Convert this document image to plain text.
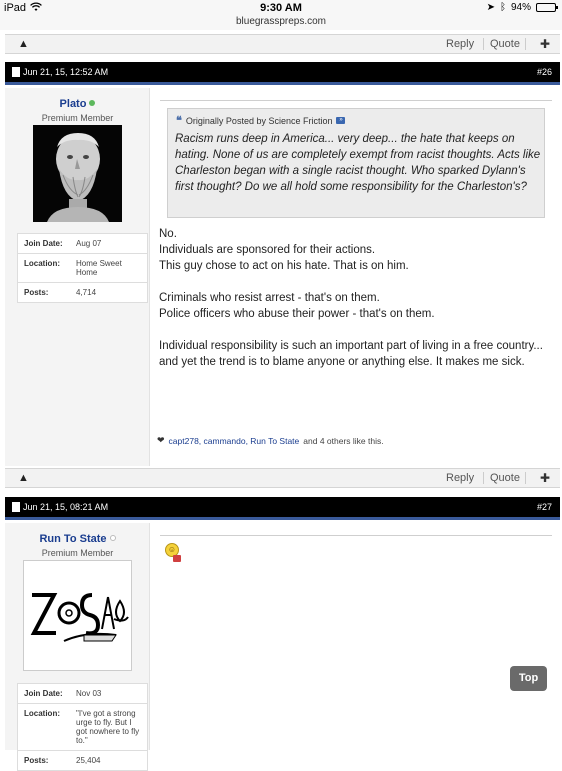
iPad	9:30 AM
bluegrasspreps.com
➤ ᛒ 94%
▲	Reply Quote ✚
Jun 21, 15, 12:52 AM	#26
Plato
Premium Member
Join Date:	Aug 07
Location:	Home Sweet Home
Posts:	4,714
❝ Originally Posted by Science Friction	»
Racism runs deep in America... very deep... the hate that keeps on hating. None of us are completely exempt from racist thoughts. Acts like Charleston began with a single racist thought. Who sparked Dylann's first thought? Do we all hold some responsibility for the Charleston's?

No.

Individuals are sponsored for their actions.

This guy chose to act on his hate. That is on him.

Criminals who resist arrest - that's on them.

Police officers who abuse their power - that's on them.

Individual responsibility is such an important part of living in a free country... and yet the trend is to blame anyone or anything else. It makes me sick.

❤ capt278, cammando, Run To State and 4 others like this.
▲	Reply Quote ✚
Jun 21, 15, 08:21 AM	#27
Run To State
Premium Member
Join Date:	Nov 03
Location:	"I've got a strong urge to fly. But I got nowhere to fly to."
Posts:	25,404
☺
Top
